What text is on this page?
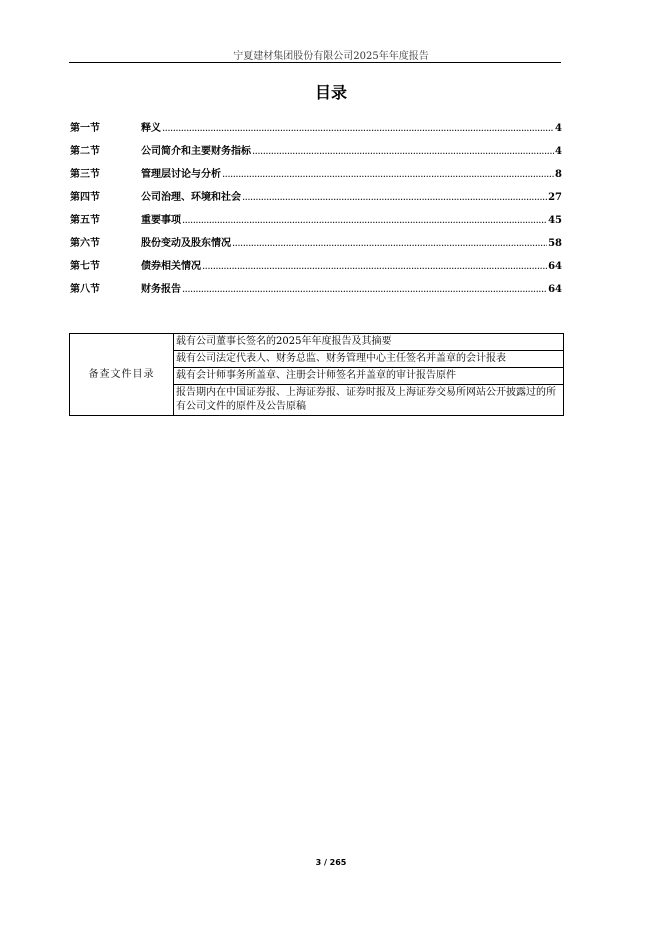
宁夏建材集团股份有限公司2025年年度报告
目录
第一节	释义 .....	4
第二节	公司简介和主要财务指标 .....	4
第三节	管理层讨论与分析 .....	8
第四节	公司治理、环境和社会 .....	27
第五节	重要事项 .....	45
第六节	股份变动及股东情况 .....	58
第七节	债券相关情况 .....	64
第八节	财务报告 .....	64
备查文件目录	载有公司董事长签名的2025年年度报告及其摘要
载有公司法定代表人、财务总监、财务管理中心主任签名并盖章的会计报表
载有会计师事务所盖章、注册会计师签名并盖章的审计报告原件
报告期内在中国证券报、上海证券报、证券时报及上海证券交易所网站公开披露过的所有公司文件的原件及公告原稿
3 / 265
